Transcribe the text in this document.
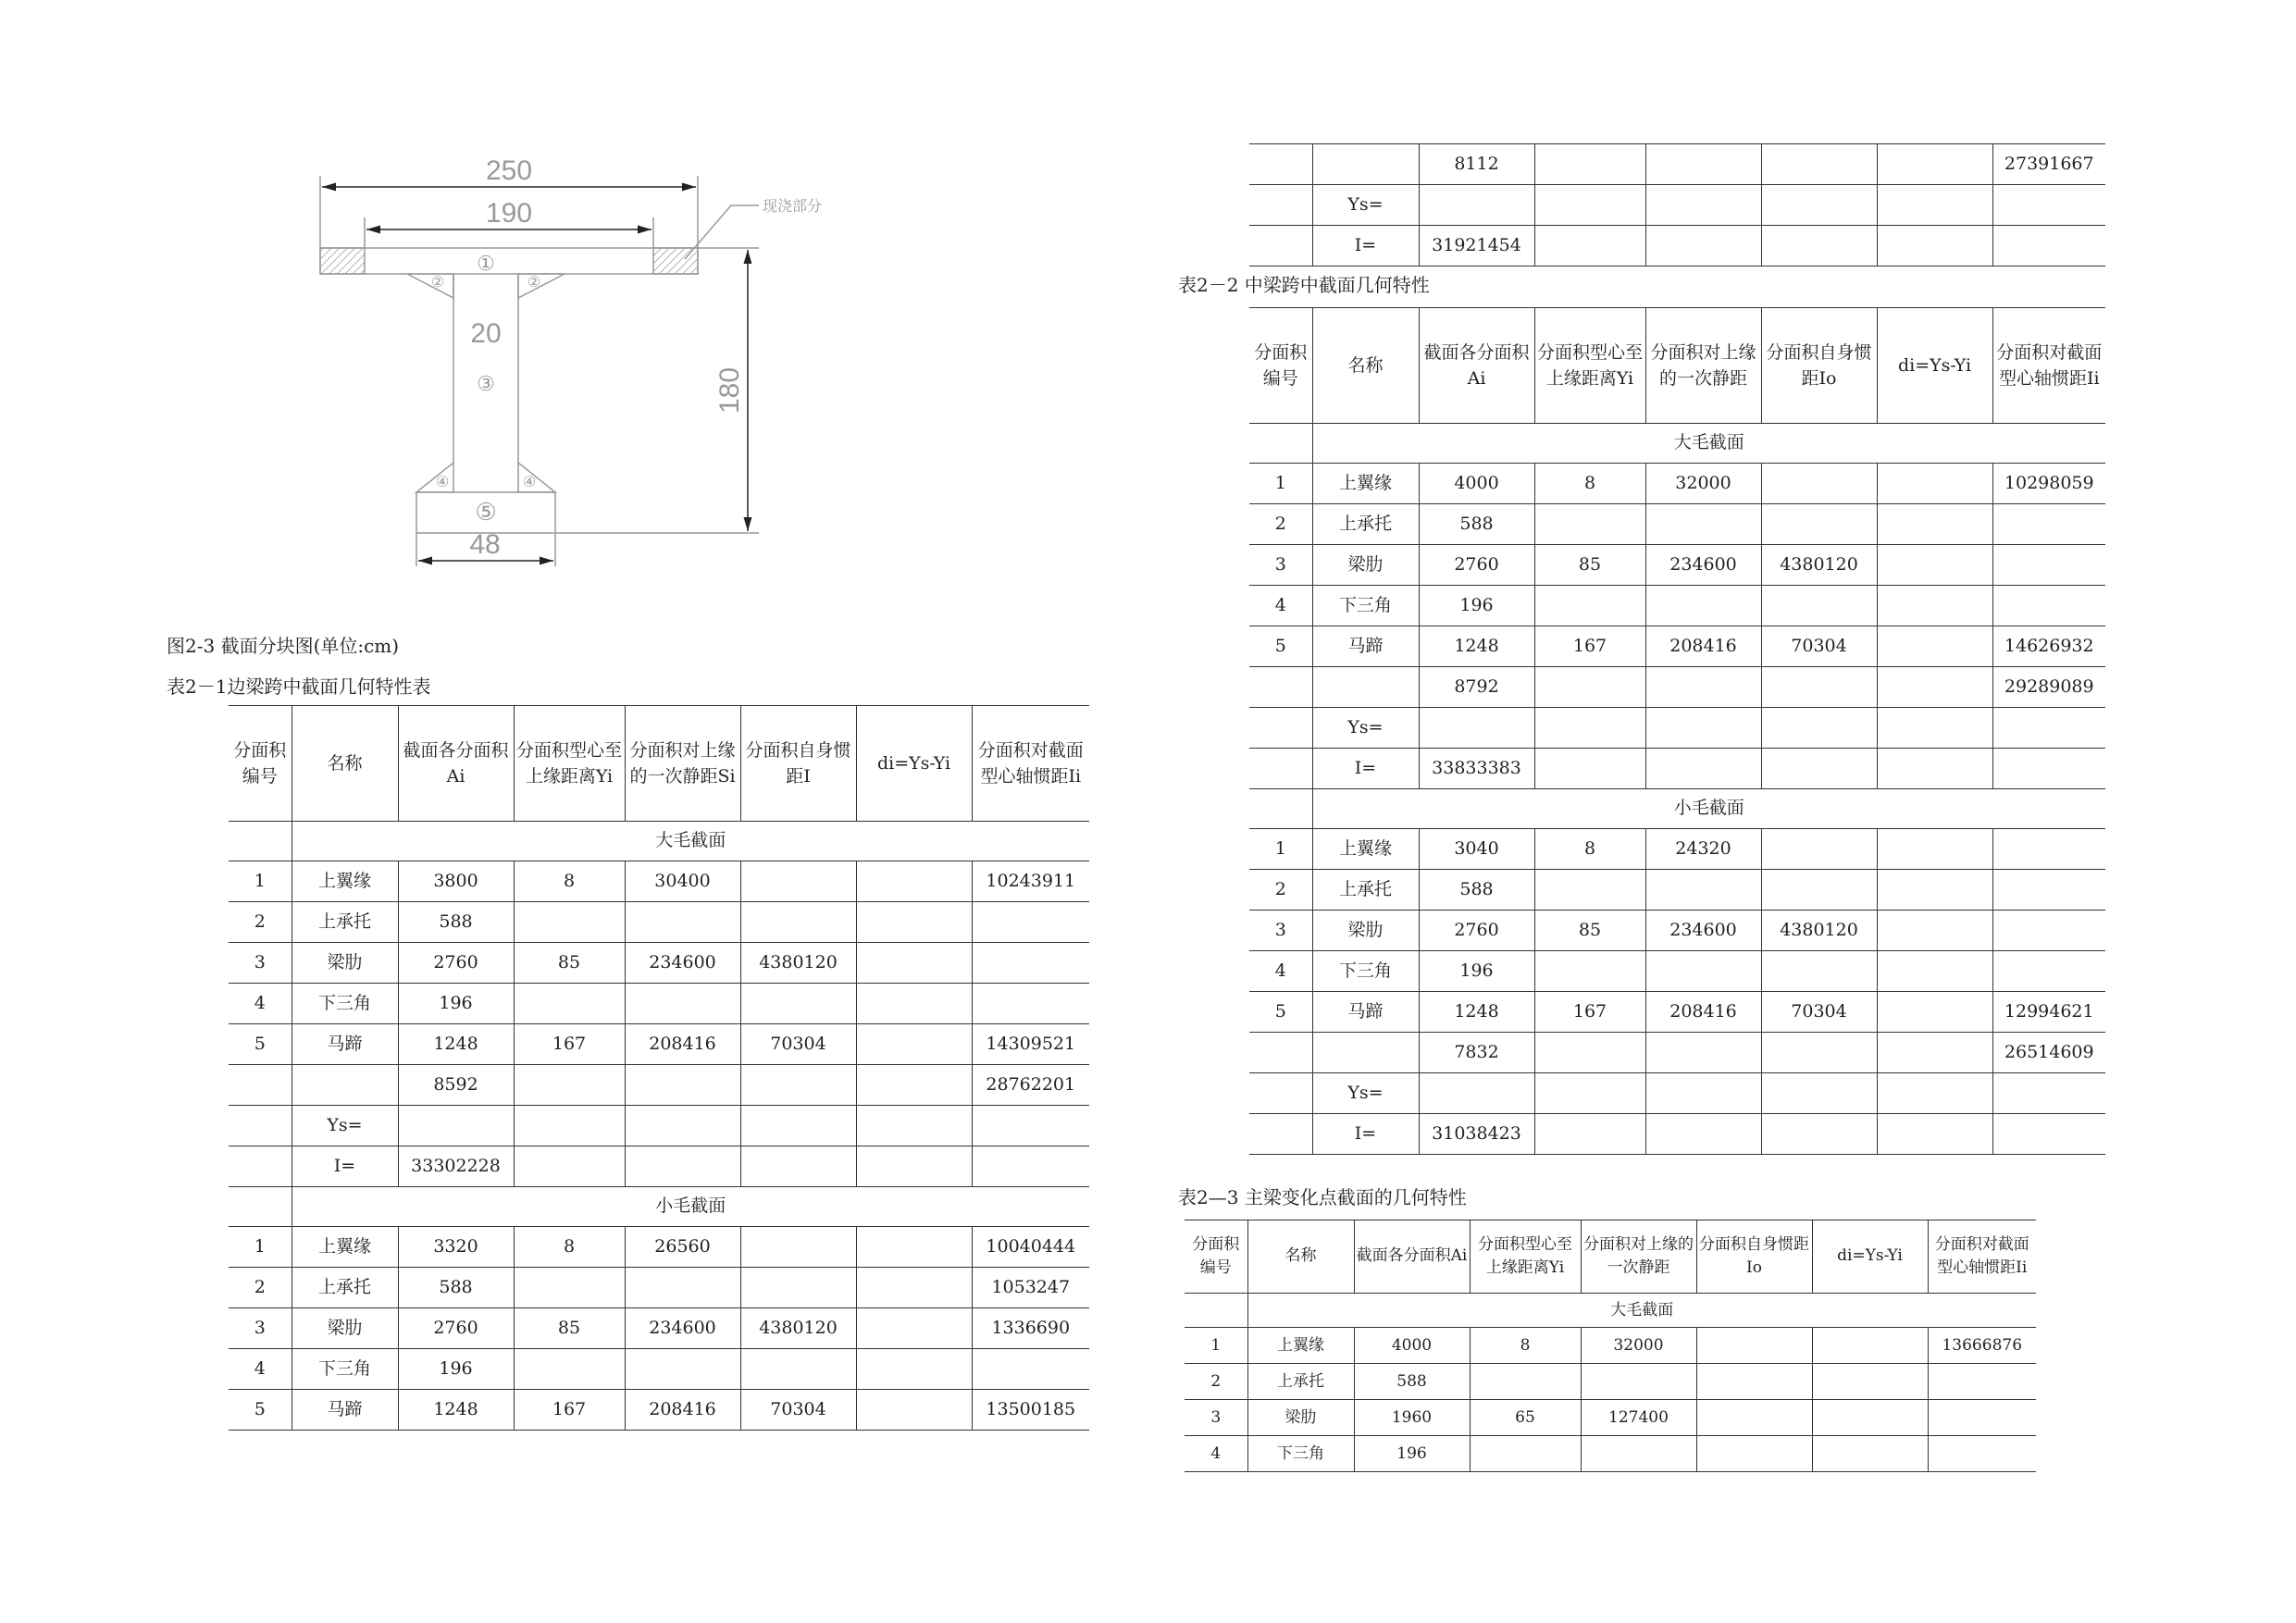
250
190
20
180
48
①
②	②
③
④	④
⑤
现浇部分
图2-3 截面分块图(单位:cm)
表2－1边梁跨中截面几何特性表
分面积编号	名称	截面各分面积Ai	分面积型心至上缘距离Yi	分面积对上缘的一次静距Si	分面积自身惯距I	di=Ys-Yi	分面积对截面型心轴惯距Ii
	大毛截面						
1	上翼缘	3800	8	30400			10243911
2	上承托	588					
3	梁肋	2760	85	234600	4380120		
4	下三角	196					
5	马蹄	1248	167	208416	70304		14309521
		8592					28762201
	Ys=						
	I=	33302228					
	小毛截面						
1	上翼缘	3320	8	26560			10040444
2	上承托	588					1053247
3	梁肋	2760	85	234600	4380120		1336690
4	下三角	196					
5	马蹄	1248	167	208416	70304		13500185
		8112					27391667
	Ys=						
	I=	31921454					
表2－2 中梁跨中截面几何特性
分面积编号	名称	截面各分面积Ai	分面积型心至上缘距离Yi	分面积对上缘的一次静距	分面积自身惯距Io	di=Ys-Yi	分面积对截面型心轴惯距Ii
	大毛截面						
1	上翼缘	4000	8	32000			10298059
2	上承托	588					
3	梁肋	2760	85	234600	4380120		
4	下三角	196					
5	马蹄	1248	167	208416	70304		14626932
		8792					29289089
	Ys=						
	I=	33833383					
	小毛截面						
1	上翼缘	3040	8	24320			
2	上承托	588					
3	梁肋	2760	85	234600	4380120		
4	下三角	196					
5	马蹄	1248	167	208416	70304		12994621
		7832					26514609
	Ys=						
	I=	31038423					
表2—3 主梁变化点截面的几何特性
分面积编号	名称	截面各分面积Ai	分面积型心至上缘距离Yi	分面积对上缘的一次静距	分面积自身惯距Io	di=Ys-Yi	分面积对截面型心轴惯距Ii
	大毛截面						
1	上翼缘	4000	8	32000			13666876
2	上承托	588					
3	梁肋	1960	65	127400			
4	下三角	196					
